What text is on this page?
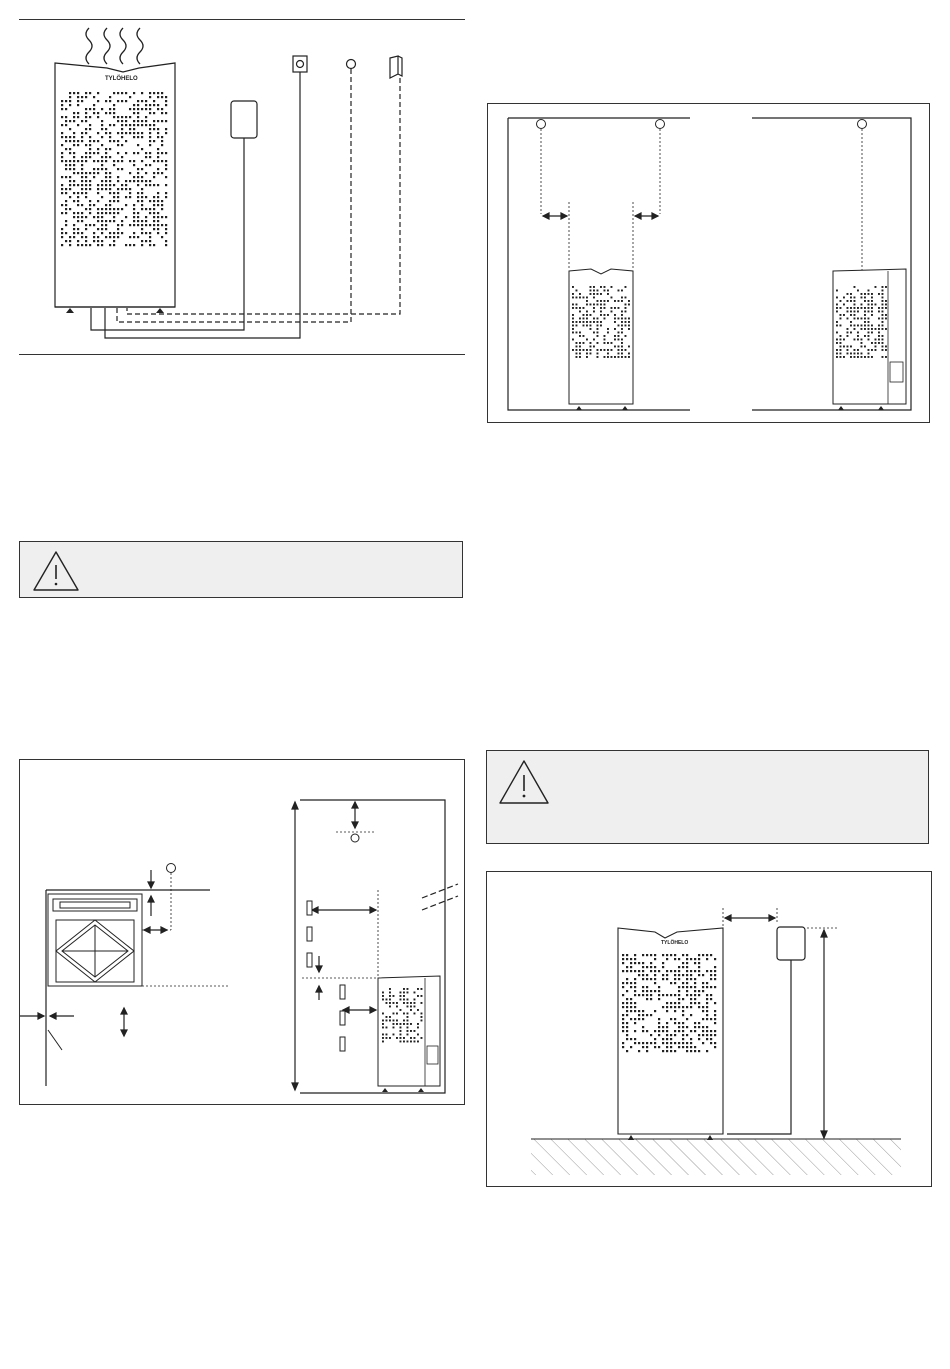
TYLÖHELO
TYLÖHELO
